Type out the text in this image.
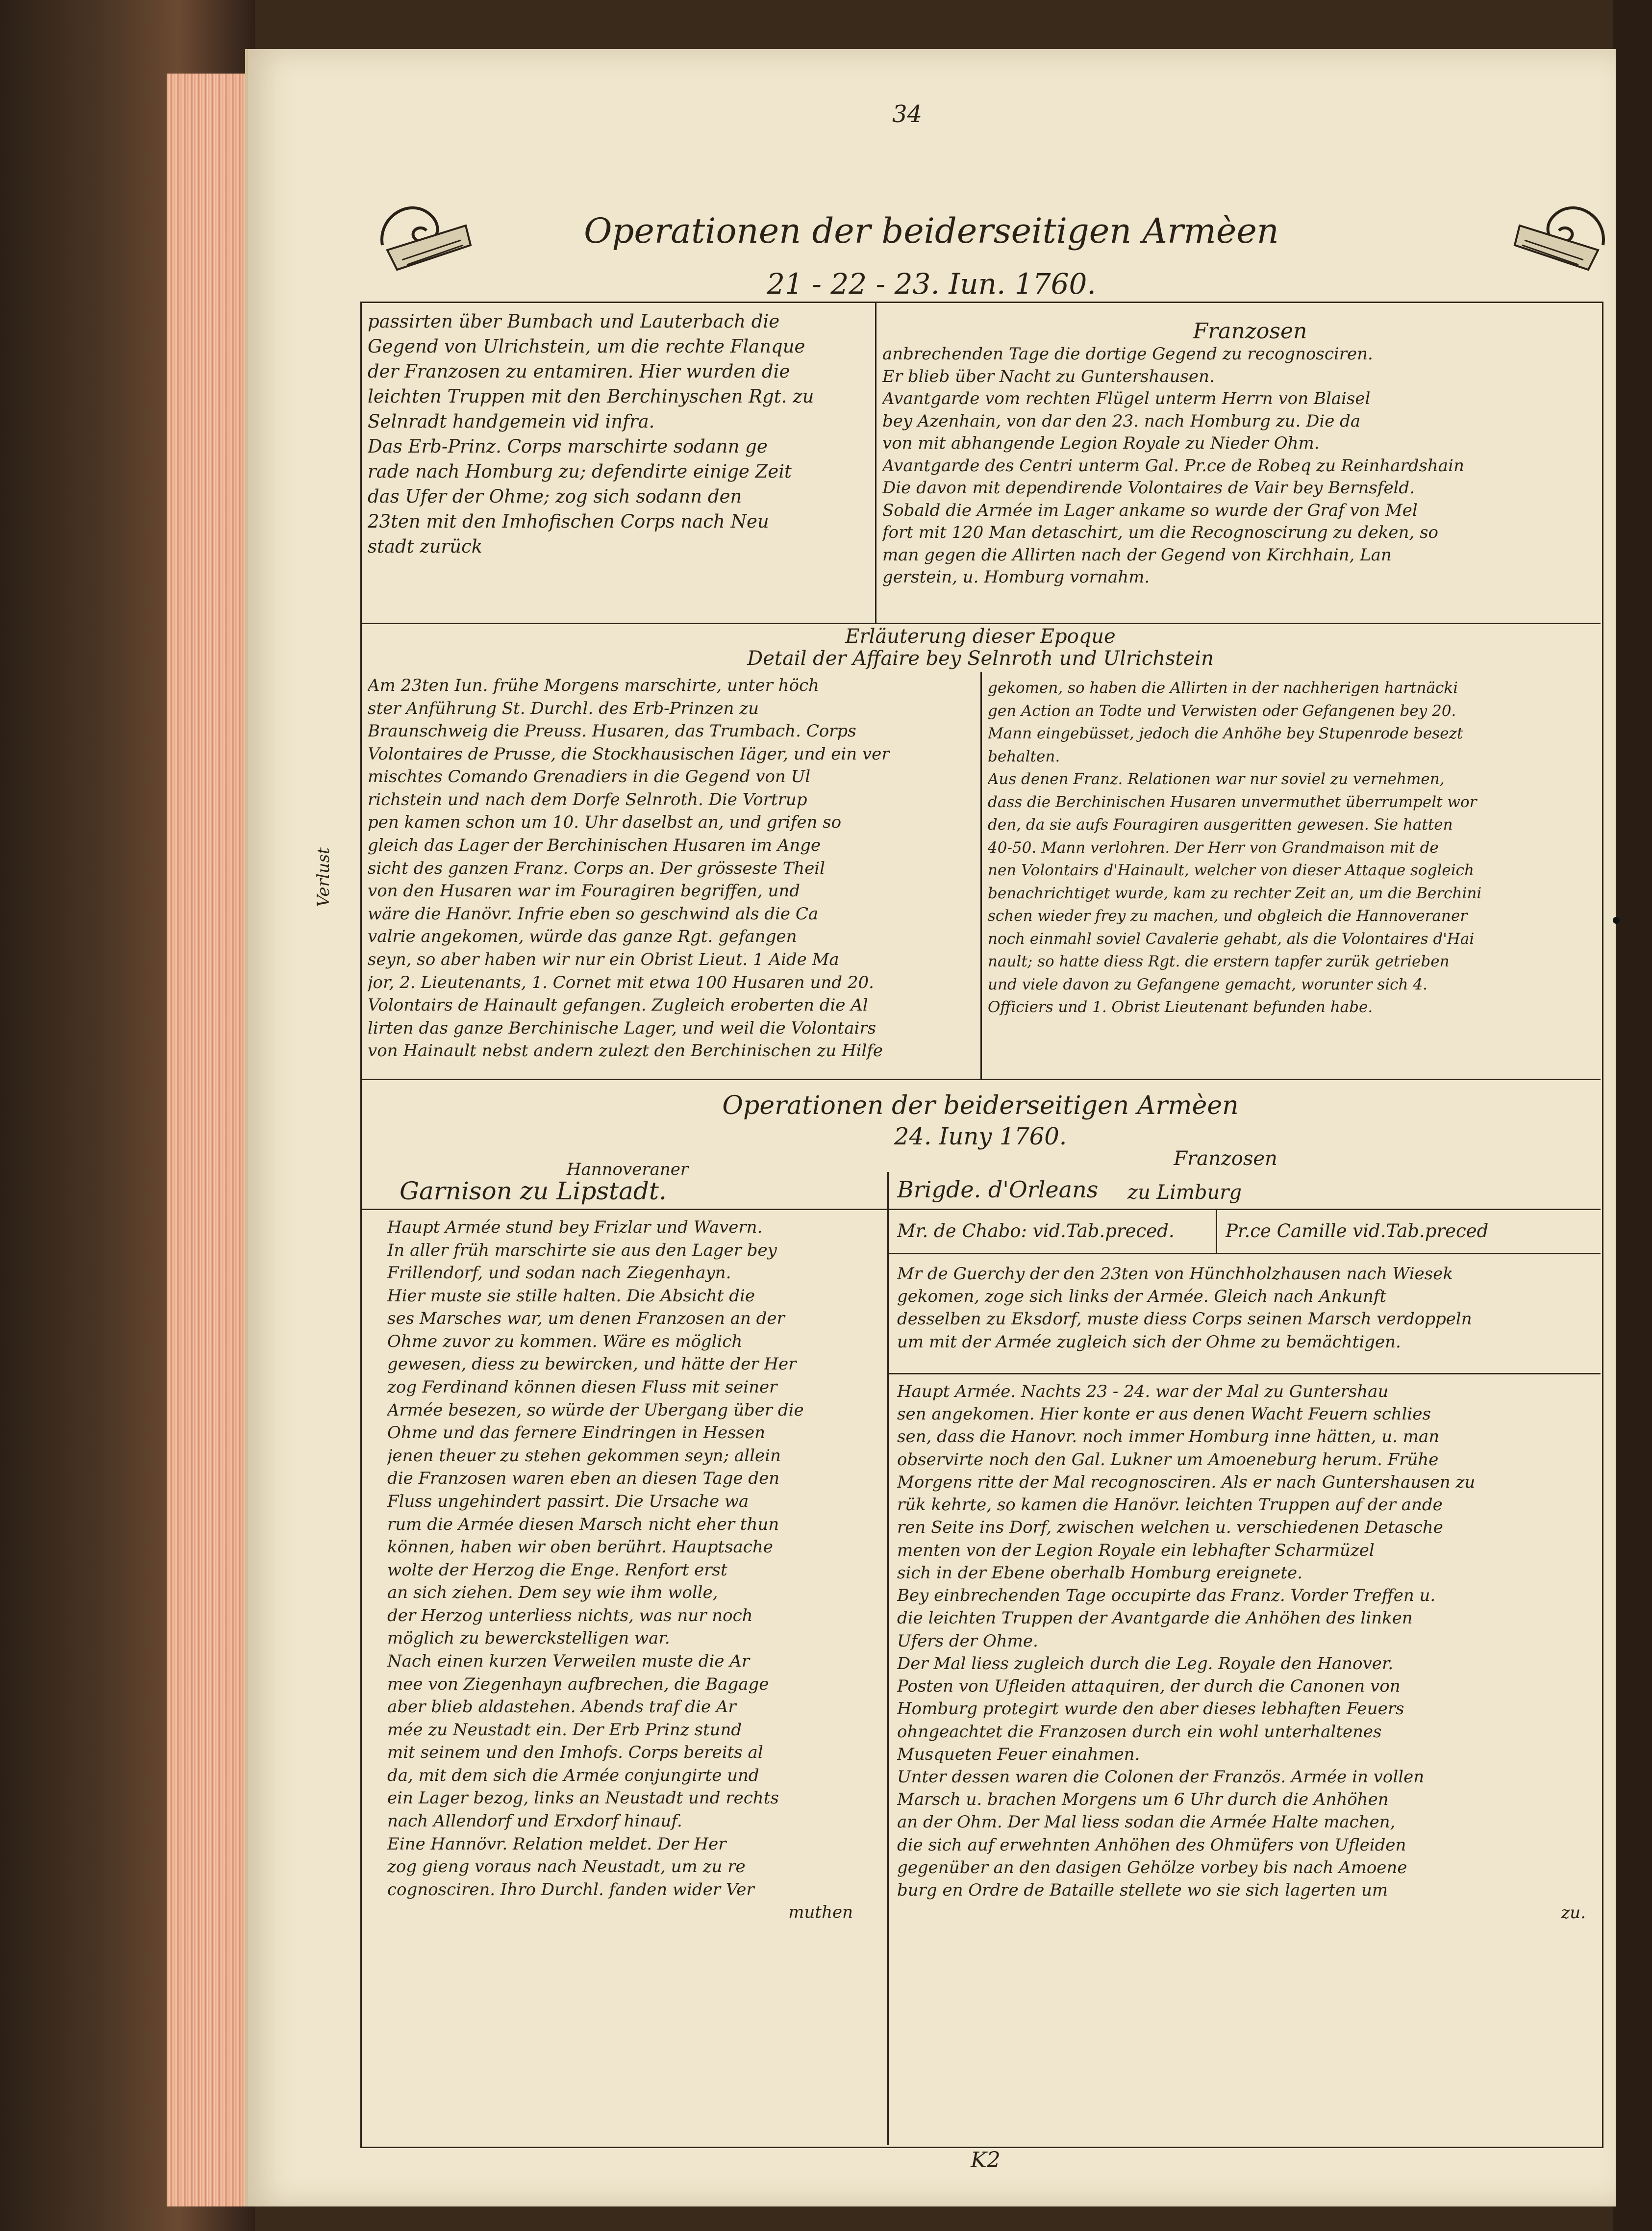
34
Operationen der beiderseitigen Armèen
21 - 22 - 23. Iun. 1760.
passirten über Bumbach und Lauterbach die
Gegend von Ulrichstein, um die rechte Flanque
der Franzosen zu entamiren. Hier wurden die
leichten Truppen mit den Berchinyschen Rgt. zu
Selnradt handgemein vid infra.
Das Erb-Prinz. Corps marschirte sodann ge
rade nach Homburg zu; defendirte einige Zeit
das Ufer der Ohme; zog sich sodann den
23ten mit den Imhofischen Corps nach Neu
stadt zurück
Franzosen
anbrechenden Tage die dortige Gegend zu recognosciren.
Er blieb über Nacht zu Guntershausen.
Avantgarde vom rechten Flügel unterm Herrn von Blaisel
bey Azenhain, von dar den 23. nach Homburg zu. Die da
von mit abhangende Legion Royale zu Nieder Ohm.
Avantgarde des Centri unterm Gal. Pr.ce de Robeq zu Reinhardshain
Die davon mit dependirende Volontaires de Vair bey Bernsfeld.
Sobald die Armée im Lager ankame so wurde der Graf von Mel
fort mit 120 Man detaschirt, um die Recognoscirung zu deken, so
man gegen die Allirten nach der Gegend von Kirchhain, Lan
gerstein, u. Homburg vornahm.
Erläuterung dieser Epoque
Detail der Affaire bey Selnroth und Ulrichstein
Am 23ten Iun. frühe Morgens marschirte, unter höch
ster Anführung St. Durchl. des Erb-Prinzen zu
Braunschweig die Preuss. Husaren, das Trumbach. Corps
Volontaires de Prusse, die Stockhausischen Iäger, und ein ver
mischtes Comando Grenadiers in die Gegend von Ul
richstein und nach dem Dorfe Selnroth. Die Vortrup
pen kamen schon um 10. Uhr daselbst an, und grifen so
gleich das Lager der Berchinischen Husaren im Ange
sicht des ganzen Franz. Corps an. Der grösseste Theil
von den Husaren war im Fouragiren begriffen, und
wäre die Hanövr. Infrie eben so geschwind als die Ca
valrie angekomen, würde das ganze Rgt. gefangen
seyn, so aber haben wir nur ein Obrist Lieut. 1 Aide Ma
jor, 2. Lieutenants, 1. Cornet mit etwa 100 Husaren und 20.
Volontairs de Hainault gefangen. Zugleich eroberten die Al
lirten das ganze Berchinische Lager, und weil die Volontairs
von Hainault nebst andern zulezt den Berchinischen zu Hilfe
gekomen, so haben die Allirten in der nachherigen hartnäcki
gen Action an Todte und Verwisten oder Gefangenen bey 20.
Mann eingebüsset, jedoch die Anhöhe bey Stupenrode besezt
behalten.
Aus denen Franz. Relationen war nur soviel zu vernehmen,
dass die Berchinischen Husaren unvermuthet überrumpelt wor
den, da sie aufs Fouragiren ausgeritten gewesen. Sie hatten
40-50. Mann verlohren. Der Herr von Grandmaison mit de
nen Volontairs d'Hainault, welcher von dieser Attaque sogleich
benachrichtiget wurde, kam zu rechter Zeit an, um die Berchini
schen wieder frey zu machen, und obgleich die Hannoveraner
noch einmahl soviel Cavalerie gehabt, als die Volontaires d'Hai
nault; so hatte diess Rgt. die erstern tapfer zurük getrieben
und viele davon zu Gefangene gemacht, worunter sich 4.
Officiers und 1. Obrist Lieutenant befunden habe.
Verlust
Operationen der beiderseitigen Armèen
24. Iuny 1760.
Hannoveraner
Garnison zu Lipstadt.
Franzosen
Brigde. d'Orleans	zu Limburg
Mr. de Chabo: vid.Tab.preced.	Pr.ce Camille vid.Tab.preced
Haupt Armée stund bey Frizlar und Wavern.
In aller früh marschirte sie aus den Lager bey
Frillendorf, und sodan nach Ziegenhayn.
Hier muste sie stille halten. Die Absicht die
ses Marsches war, um denen Franzosen an der
Ohme zuvor zu kommen. Wäre es möglich
gewesen, diess zu bewircken, und hätte der Her
zog Ferdinand können diesen Fluss mit seiner
Armée besezen, so würde der Ubergang über die
Ohme und das fernere Eindringen in Hessen
jenen theuer zu stehen gekommen seyn; allein
die Franzosen waren eben an diesen Tage den
Fluss ungehindert passirt. Die Ursache wa
rum die Armée diesen Marsch nicht eher thun
können, haben wir oben berührt. Hauptsache
wolte der Herzog die Enge. Renfort erst
an sich ziehen. Dem sey wie ihm wolle,
der Herzog unterliess nichts, was nur noch
möglich zu bewerckstelligen war.
Nach einen kurzen Verweilen muste die Ar
mee von Ziegenhayn aufbrechen, die Bagage
aber blieb aldastehen. Abends traf die Ar
mée zu Neustadt ein. Der Erb Prinz stund
mit seinem und den Imhofs. Corps bereits al
da, mit dem sich die Armée conjungirte und
ein Lager bezog, links an Neustadt und rechts
nach Allendorf und Erxdorf hinauf.
Eine Hannövr. Relation meldet. Der Her
zog gieng voraus nach Neustadt, um zu re
cognosciren. Ihro Durchl. fanden wider Ver
muthen
Mr de Guerchy der den 23ten von Hünchholzhausen nach Wiesek
gekomen, zoge sich links der Armée. Gleich nach Ankunft
desselben zu Eksdorf, muste diess Corps seinen Marsch verdoppeln
um mit der Armée zugleich sich der Ohme zu bemächtigen.
Haupt Armée. Nachts 23 - 24. war der Mal zu Guntershau
sen angekomen. Hier konte er aus denen Wacht Feuern schlies
sen, dass die Hanovr. noch immer Homburg inne hätten, u. man
observirte noch den Gal. Lukner um Amoeneburg herum. Frühe
Morgens ritte der Mal recognosciren. Als er nach Guntershausen zu
rük kehrte, so kamen die Hanövr. leichten Truppen auf der ande
ren Seite ins Dorf, zwischen welchen u. verschiedenen Detasche
menten von der Legion Royale ein lebhafter Scharmüzel
sich in der Ebene oberhalb Homburg ereignete.
Bey einbrechenden Tage occupirte das Franz. Vorder Treffen u.
die leichten Truppen der Avantgarde die Anhöhen des linken
Ufers der Ohme.
Der Mal liess zugleich durch die Leg. Royale den Hanover.
Posten von Ufleiden attaquiren, der durch die Canonen von
Homburg protegirt wurde den aber dieses lebhaften Feuers
ohngeachtet die Franzosen durch ein wohl unterhaltenes
Musqueten Feuer einahmen.
Unter dessen waren die Colonen der Französ. Armée in vollen
Marsch u. brachen Morgens um 6 Uhr durch die Anhöhen
an der Ohm. Der Mal liess sodan die Armée Halte machen,
die sich auf erwehnten Anhöhen des Ohmüfers von Ufleiden
gegenüber an den dasigen Gehölze vorbey bis nach Amoene
burg en Ordre de Bataille stellete wo sie sich lagerten um
zu.
K2
